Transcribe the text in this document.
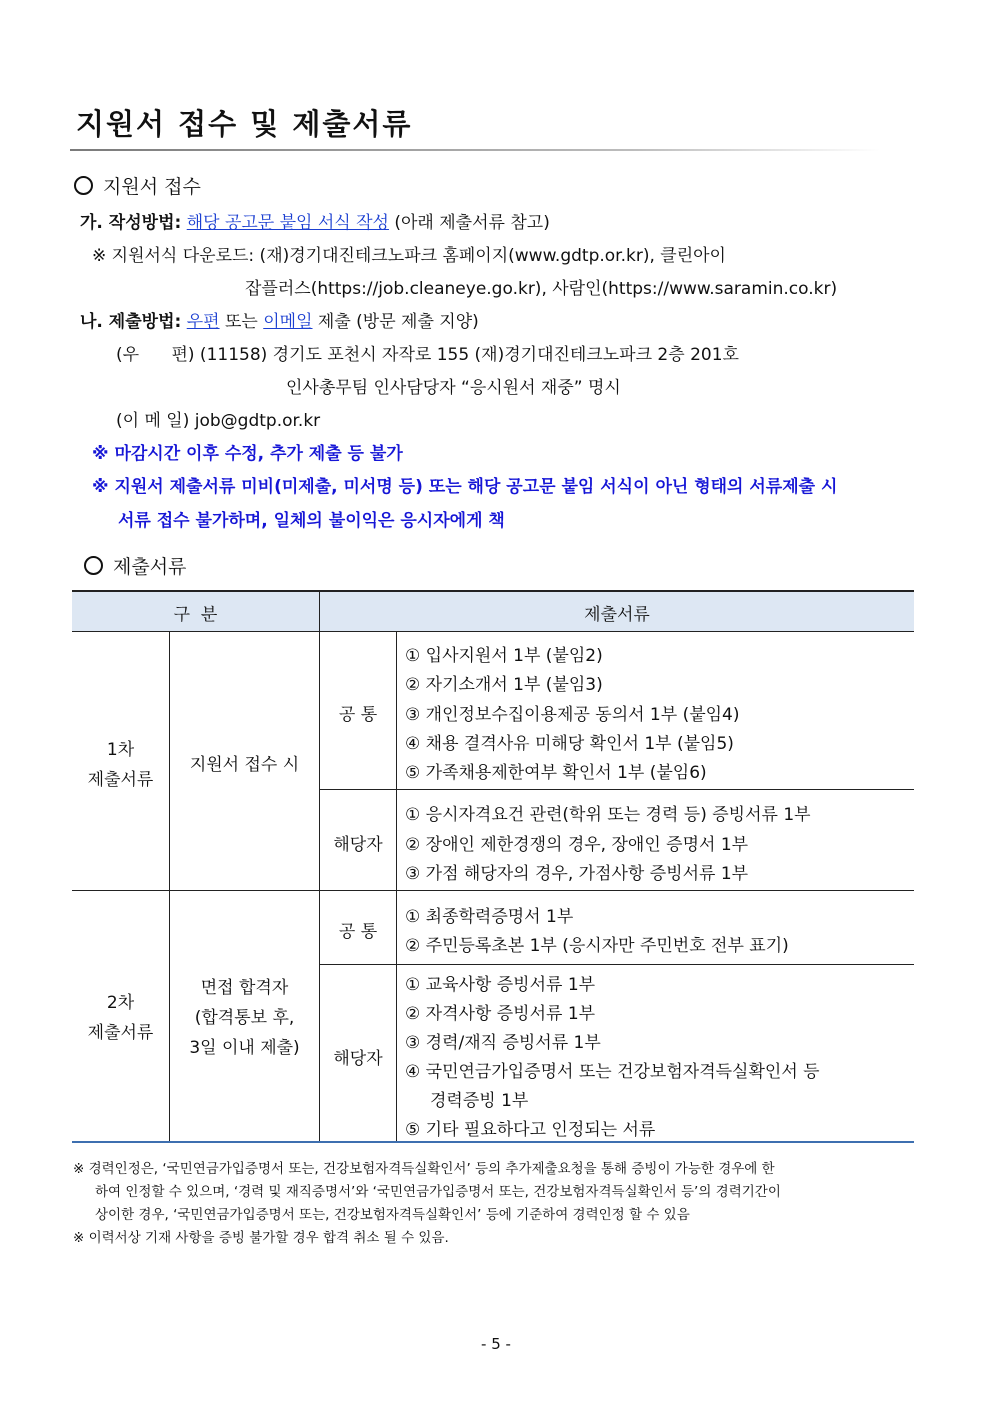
지원서 접수 및 제출서류
지원서 접수
가. 작성방법: 해당 공고문 붙임 서식 작성 (아래 제출서류 참고)
※ 지원서식 다운로드: (재)경기대진테크노파크 홈페이지(www.gdtp.or.kr), 클린아이
잡플러스(https://job.cleaneye.go.kr), 사람인(https://www.saramin.co.kr)
나. 제출방법: 우편 또는 이메일 제출 (방문 제출 지양)
(우      편) (11158) 경기도 포천시 자작로 155 (재)경기대진테크노파크 2층 201호
인사총무팀 인사담당자 “응시원서 재중” 명시
(이 메 일) job@gdtp.or.kr
※ 마감시간 이후 수정, 추가 제출 등 불가
※ 지원서 제출서류 미비(미제출, 미서명 등) 또는 해당 공고문 붙임 서식이 아닌 형태의 서류제출 시
서류 접수 불가하며, 일체의 불이익은 응시자에게 책
제출서류
구  분	제출서류
1차
제출서류
지원서 접수 시
공 통
해당자
① 입사지원서 1부 (붙임2)
② 자기소개서 1부 (붙임3)
③ 개인정보수집이용제공 동의서 1부 (붙임4)
④ 채용 결격사유 미해당 확인서 1부 (붙임5)
⑤ 가족채용제한여부 확인서 1부 (붙임6)
① 응시자격요건 관련(학위 또는 경력 등) 증빙서류 1부
② 장애인 제한경쟁의 경우, 장애인 증명서 1부
③ 가점 해당자의 경우, 가점사항 증빙서류 1부
2차
제출서류
면접 합격자
(합격통보 후,
3일 이내 제출)
공 통
해당자
① 최종학력증명서 1부
② 주민등록초본 1부 (응시자만 주민번호 전부 표기)
① 교육사항 증빙서류 1부
② 자격사항 증빙서류 1부
③ 경력/재직 증빙서류 1부
④ 국민연금가입증명서 또는 건강보험자격득실확인서 등
경력증빙 1부
⑤ 기타 필요하다고 인정되는 서류
※ 경력인정은, ‘국민연금가입증명서 또는, 건강보험자격득실확인서’ 등의 추가제출요청을 통해 증빙이 가능한 경우에 한
하여 인정할 수 있으며, ‘경력 및 재직증명서’와 ‘국민연금가입증명서 또는, 건강보험자격득실확인서 등’의 경력기간이
상이한 경우, ‘국민연금가입증명서 또는, 건강보험자격득실확인서’ 등에 기준하여 경력인정 할 수 있음
※ 이력서상 기재 사항을 증빙 불가할 경우 합격 취소 될 수 있음.
- 5 -
